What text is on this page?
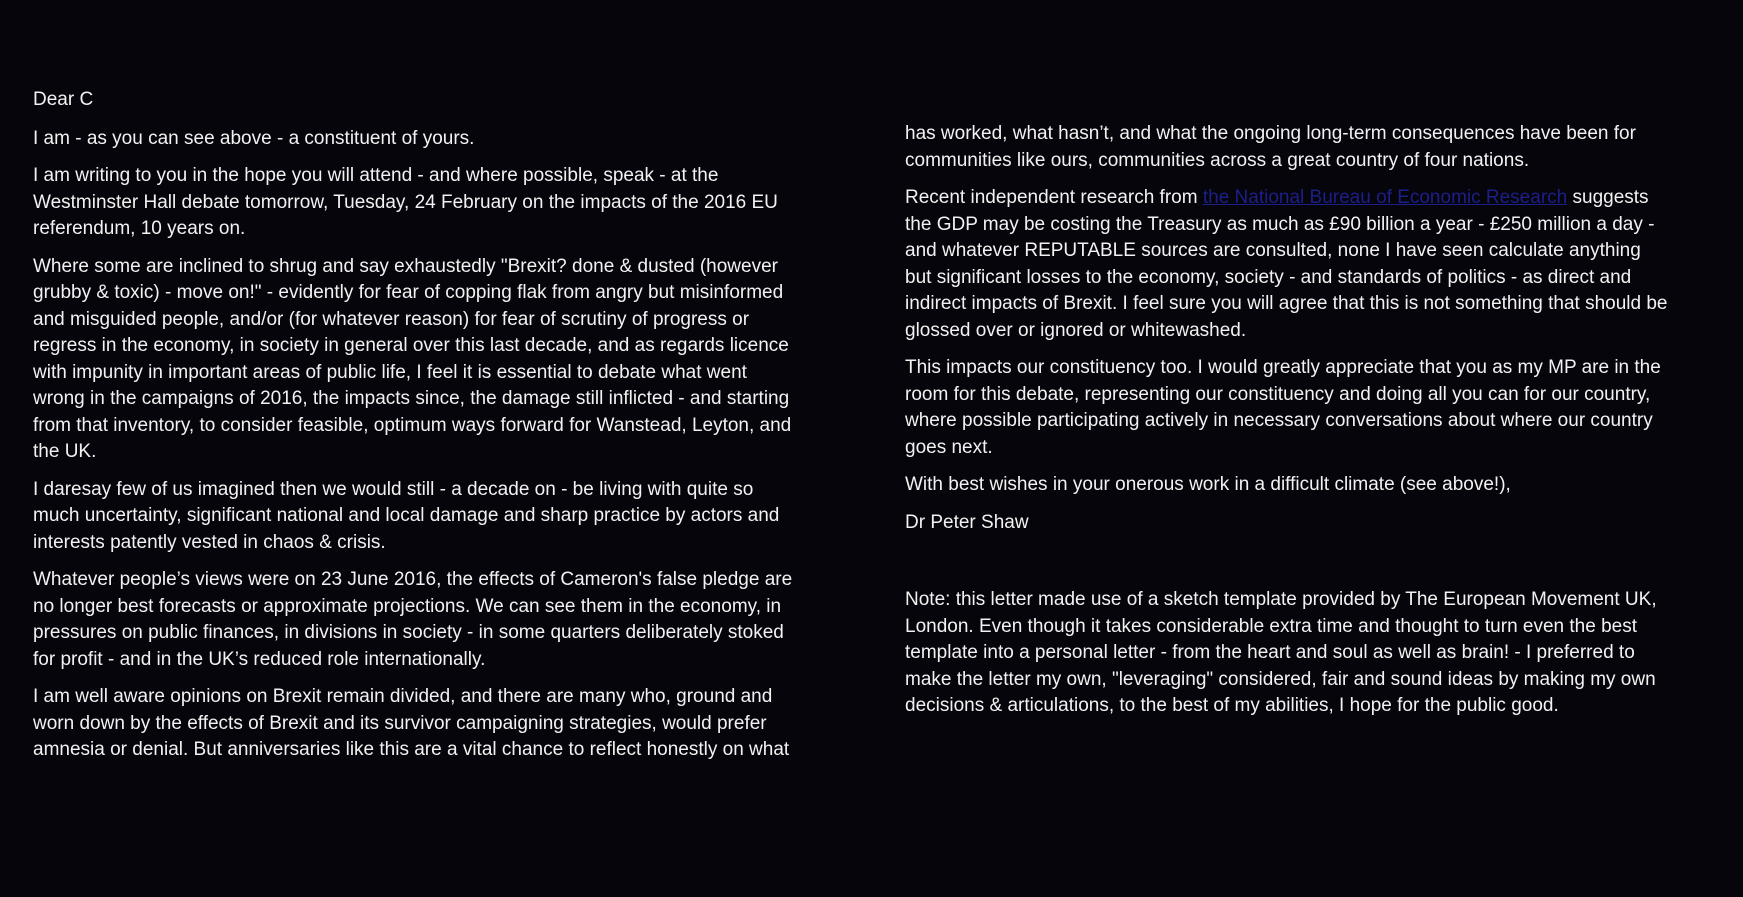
Dear C

I am - as you can see above - a constituent of yours.

I am writing to you in the hope you will attend - and where possible, speak - at the
Westminster Hall debate tomorrow, Tuesday, 24 February on the impacts of the 2016 EU
referendum, 10 years on.

Where some are inclined to shrug and say exhaustedly "Brexit? done & dusted (however
grubby & toxic) - move on!" - evidently for fear of copping flak from angry but misinformed
and misguided people, and/or (for whatever reason) for fear of scrutiny of progress or
regress in the economy, in society in general over this last decade, and as regards licence
with impunity in important areas of public life, I feel it is essential to debate what went
wrong in the campaigns of 2016, the impacts since, the damage still inflicted - and starting
from that inventory, to consider feasible, optimum ways forward for Wanstead, Leyton, and
the UK.

I daresay few of us imagined then we would still - a decade on - be living with quite so
much uncertainty, significant national and local damage and sharp practice by actors and
interests patently vested in chaos & crisis.

Whatever people’s views were on 23 June 2016, the effects of Cameron's false pledge are
no longer best forecasts or approximate projections. We can see them in the economy, in
pressures on public finances, in divisions in society - in some quarters deliberately stoked
for profit - and in the UK’s reduced role internationally.

I am well aware opinions on Brexit remain divided, and there are many who, ground and
worn down by the effects of Brexit and its survivor campaigning strategies, would prefer
amnesia or denial. But anniversaries like this are a vital chance to reflect honestly on what

has worked, what hasn’t, and what the ongoing long-term consequences have been for
communities like ours, communities across a great country of four nations.

Recent independent research from the National Bureau of Economic Research suggests
the GDP may be costing the Treasury as much as £90 billion a year - £250 million a day -
and whatever REPUTABLE sources are consulted, none I have seen calculate anything
but significant losses to the economy, society - and standards of politics - as direct and
indirect impacts of Brexit. I feel sure you will agree that this is not something that should be
glossed over or ignored or whitewashed.

This impacts our constituency too. I would greatly appreciate that you as my MP are in the
room for this debate, representing our constituency and doing all you can for our country,
where possible participating actively in necessary conversations about where our country
goes next.

With best wishes in your onerous work in a difficult climate (see above!),

Dr Peter Shaw

Note: this letter made use of a sketch template provided by The European Movement UK,
London. Even though it takes considerable extra time and thought to turn even the best
template into a personal letter - from the heart and soul as well as brain! - I preferred to
make the letter my own, "leveraging" considered, fair and sound ideas by making my own
decisions & articulations, to the best of my abilities, I hope for the public good.
